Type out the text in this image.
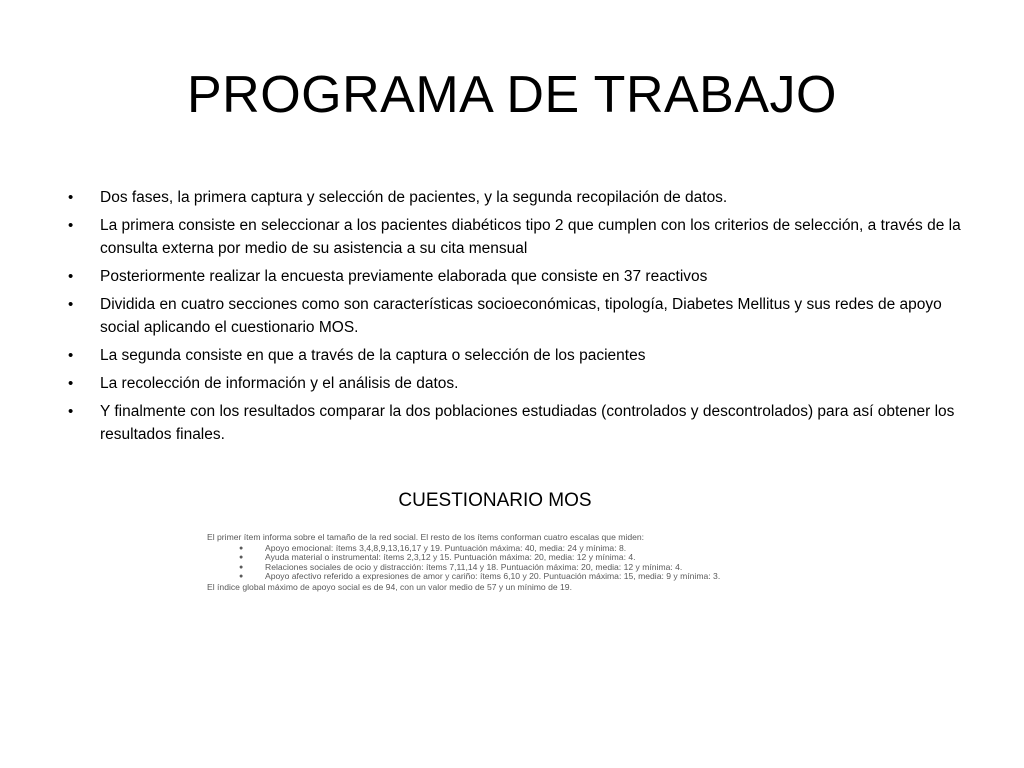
PROGRAMA DE TRABAJO
• Dos fases, la primera captura y selección de pacientes, y la segunda recopilación de datos.
• La primera consiste en seleccionar a los pacientes diabéticos tipo 2 que cumplen con los criterios de selección, a través de la consulta externa por medio de su asistencia a su cita mensual
• Posteriormente realizar la encuesta previamente elaborada que consiste en 37 reactivos
• Dividida en cuatro secciones como son características socioeconómicas, tipología, Diabetes Mellitus y sus redes de apoyo social aplicando el cuestionario MOS.
• La segunda consiste en que a través de la captura o selección de los pacientes
• La recolección de información y el análisis de datos.
• Y finalmente con los resultados comparar la dos poblaciones estudiadas (controlados y descontrolados) para así obtener los resultados finales.
CUESTIONARIO MOS

El primer ítem informa sobre el tamaño de la red social. El resto de los ítems conforman cuatro escalas que miden:

● Apoyo emocional: ítems 3,4,8,9,13,16,17 y 19. Puntuación máxima: 40, media: 24 y mínima: 8.
● Ayuda material o instrumental: ítems 2,3,12 y 15. Puntuación máxima: 20, media: 12 y mínima: 4.
● Relaciones sociales de ocio y distracción: ítems 7,11,14 y 18. Puntuación máxima: 20, media: 12 y mínima: 4.
● Apoyo afectivo referido a expresiones de amor y cariño: ítems 6,10 y 20. Puntuación máxima: 15, media: 9 y mínima: 3.

El índice global máximo de apoyo social es de 94, con un valor medio de 57 y un mínimo de 19.
